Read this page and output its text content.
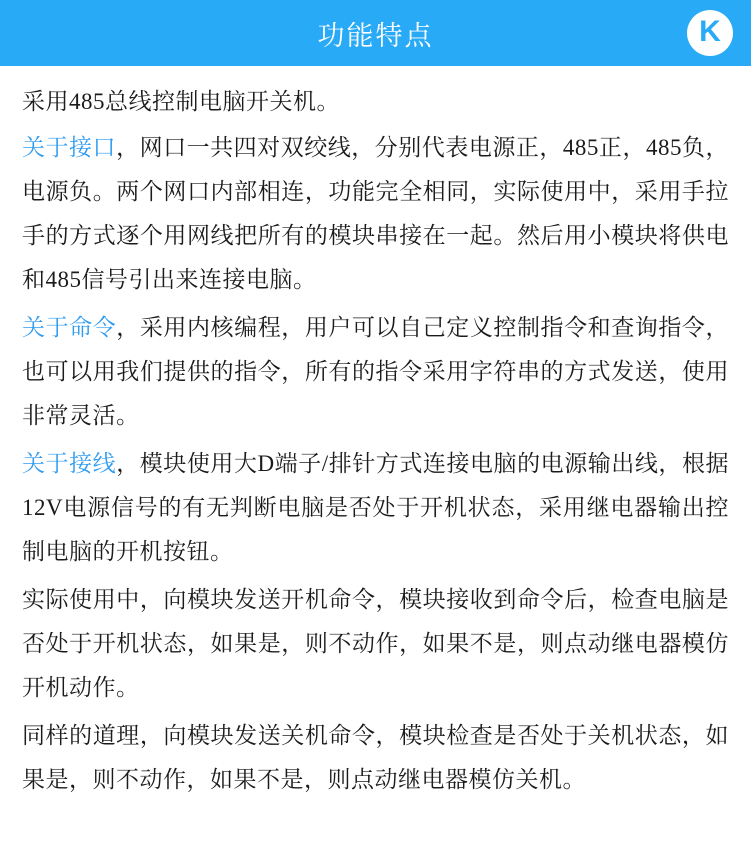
功能特点	K

采用485总线控制电脑开关机。

关于接口，网口一共四对双绞线，分别代表电源正，485正，485负，电源负。两个网口内部相连，功能完全相同，实际使用中，采用手拉手的方式逐个用网线把所有的模块串接在一起。然后用小模块将供电和485信号引出来连接电脑。

关于命令，采用内核编程，用户可以自己定义控制指令和查询指令，也可以用我们提供的指令，所有的指令采用字符串的方式发送，使用非常灵活。

关于接线，模块使用大D端子/排针方式连接电脑的电源输出线，根据12V电源信号的有无判断电脑是否处于开机状态，采用继电器输出控制电脑的开机按钮。

实际使用中，向模块发送开机命令，模块接收到命令后，检查电脑是否处于开机状态，如果是，则不动作，如果不是，则点动继电器模仿开机动作。

同样的道理，向模块发送关机命令，模块检查是否处于关机状态，如果是，则不动作，如果不是，则点动继电器模仿关机。
